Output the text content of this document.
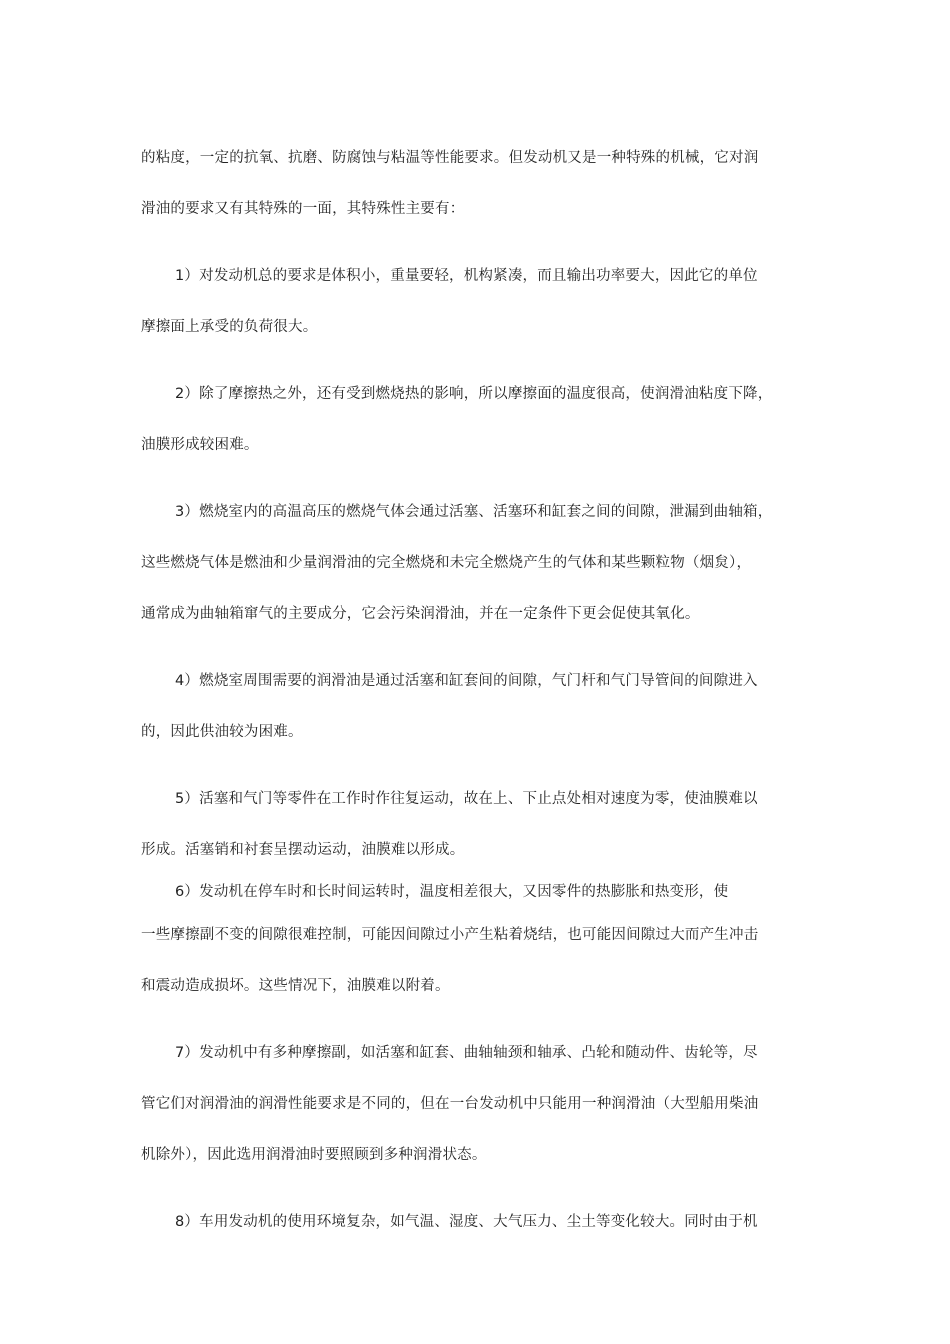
的粘度，一定的抗氧、抗磨、防腐蚀与粘温等性能要求。但发动机又是一种特殊的机械，它对润
滑油的要求又有其特殊的一面，其特殊性主要有：
1）对发动机总的要求是体积小，重量要轻，机构紧凑，而且输出功率要大，因此它的单位
摩擦面上承受的负荷很大。
2）除了摩擦热之外，还有受到燃烧热的影响，所以摩擦面的温度很高，使润滑油粘度下降，
油膜形成较困难。
3）燃烧室内的高温高压的燃烧气体会通过活塞、活塞环和缸套之间的间隙，泄漏到曲轴箱，
这些燃烧气体是燃油和少量润滑油的完全燃烧和未完全燃烧产生的气体和某些颗粒物（烟炱），
通常成为曲轴箱窜气的主要成分，它会污染润滑油，并在一定条件下更会促使其氧化。
4）燃烧室周围需要的润滑油是通过活塞和缸套间的间隙，气门杆和气门导管间的间隙进入
的，因此供油较为困难。
5）活塞和气门等零件在工作时作往复运动，故在上、下止点处相对速度为零，使油膜难以
形成。活塞销和衬套呈摆动运动，油膜难以形成。
6）发动机在停车时和长时间运转时，温度相差很大，又因零件的热膨胀和热变形，使
一些摩擦副不变的间隙很难控制，可能因间隙过小产生粘着烧结，也可能因间隙过大而产生冲击
和震动造成损坏。这些情况下，油膜难以附着。
7）发动机中有多种摩擦副，如活塞和缸套、曲轴轴颈和轴承、凸轮和随动件、齿轮等，尽
管它们对润滑油的润滑性能要求是不同的，但在一台发动机中只能用一种润滑油（大型船用柴油
机除外），因此选用润滑油时要照顾到多种润滑状态。
8）车用发动机的使用环境复杂，如气温、湿度、大气压力、尘土等变化较大。同时由于机
